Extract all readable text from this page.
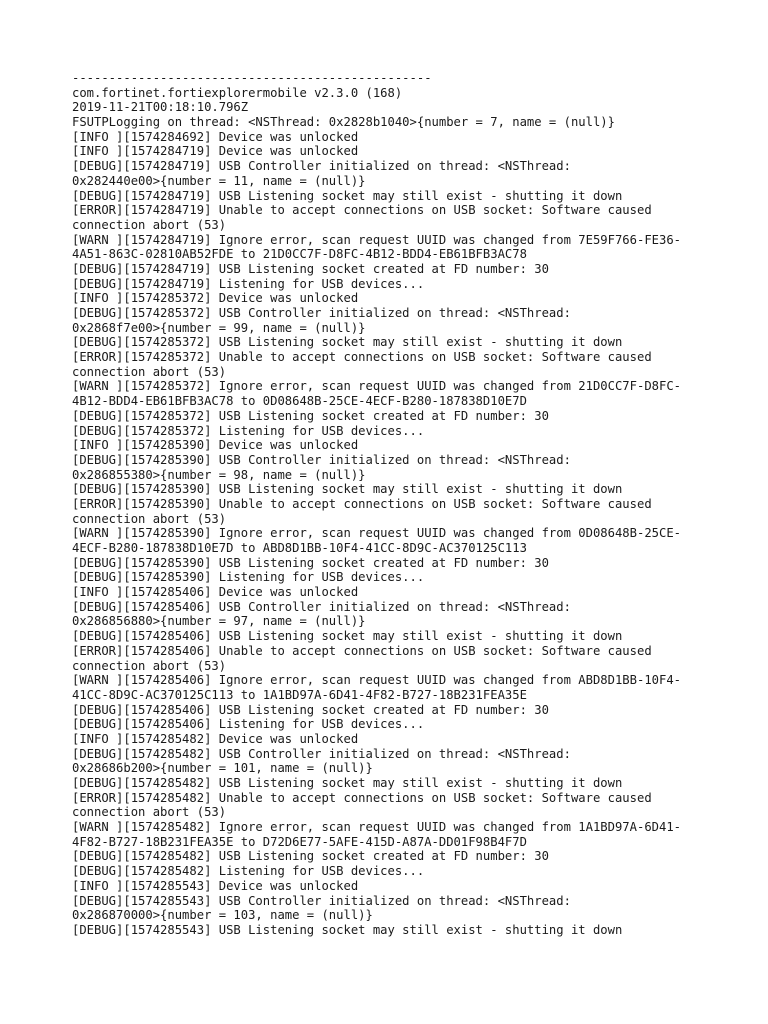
-------------------------------------------------
com.fortinet.fortiexplorermobile v2.3.0 (168)
2019-11-21T00:18:10.796Z
FSUTPLogging on thread: <NSThread: 0x2828b1040>{number = 7, name = (null)}
[INFO ][1574284692] Device was unlocked
[INFO ][1574284719] Device was unlocked
[DEBUG][1574284719] USB Controller initialized on thread: <NSThread:
0x282440e00>{number = 11, name = (null)}
[DEBUG][1574284719] USB Listening socket may still exist - shutting it down
[ERROR][1574284719] Unable to accept connections on USB socket: Software caused
connection abort (53)
[WARN ][1574284719] Ignore error, scan request UUID was changed from 7E59F766-FE36-
4A51-863C-02810AB52FDE to 21D0CC7F-D8FC-4B12-BDD4-EB61BFB3AC78
[DEBUG][1574284719] USB Listening socket created at FD number: 30
[DEBUG][1574284719] Listening for USB devices...
[INFO ][1574285372] Device was unlocked
[DEBUG][1574285372] USB Controller initialized on thread: <NSThread:
0x2868f7e00>{number = 99, name = (null)}
[DEBUG][1574285372] USB Listening socket may still exist - shutting it down
[ERROR][1574285372] Unable to accept connections on USB socket: Software caused
connection abort (53)
[WARN ][1574285372] Ignore error, scan request UUID was changed from 21D0CC7F-D8FC-
4B12-BDD4-EB61BFB3AC78 to 0D08648B-25CE-4ECF-B280-187838D10E7D
[DEBUG][1574285372] USB Listening socket created at FD number: 30
[DEBUG][1574285372] Listening for USB devices...
[INFO ][1574285390] Device was unlocked
[DEBUG][1574285390] USB Controller initialized on thread: <NSThread:
0x286855380>{number = 98, name = (null)}
[DEBUG][1574285390] USB Listening socket may still exist - shutting it down
[ERROR][1574285390] Unable to accept connections on USB socket: Software caused
connection abort (53)
[WARN ][1574285390] Ignore error, scan request UUID was changed from 0D08648B-25CE-
4ECF-B280-187838D10E7D to ABD8D1BB-10F4-41CC-8D9C-AC370125C113
[DEBUG][1574285390] USB Listening socket created at FD number: 30
[DEBUG][1574285390] Listening for USB devices...
[INFO ][1574285406] Device was unlocked
[DEBUG][1574285406] USB Controller initialized on thread: <NSThread:
0x286856880>{number = 97, name = (null)}
[DEBUG][1574285406] USB Listening socket may still exist - shutting it down
[ERROR][1574285406] Unable to accept connections on USB socket: Software caused
connection abort (53)
[WARN ][1574285406] Ignore error, scan request UUID was changed from ABD8D1BB-10F4-
41CC-8D9C-AC370125C113 to 1A1BD97A-6D41-4F82-B727-18B231FEA35E
[DEBUG][1574285406] USB Listening socket created at FD number: 30
[DEBUG][1574285406] Listening for USB devices...
[INFO ][1574285482] Device was unlocked
[DEBUG][1574285482] USB Controller initialized on thread: <NSThread:
0x28686b200>{number = 101, name = (null)}
[DEBUG][1574285482] USB Listening socket may still exist - shutting it down
[ERROR][1574285482] Unable to accept connections on USB socket: Software caused
connection abort (53)
[WARN ][1574285482] Ignore error, scan request UUID was changed from 1A1BD97A-6D41-
4F82-B727-18B231FEA35E to D72D6E77-5AFE-415D-A87A-DD01F98B4F7D
[DEBUG][1574285482] USB Listening socket created at FD number: 30
[DEBUG][1574285482] Listening for USB devices...
[INFO ][1574285543] Device was unlocked
[DEBUG][1574285543] USB Controller initialized on thread: <NSThread:
0x286870000>{number = 103, name = (null)}
[DEBUG][1574285543] USB Listening socket may still exist - shutting it down
